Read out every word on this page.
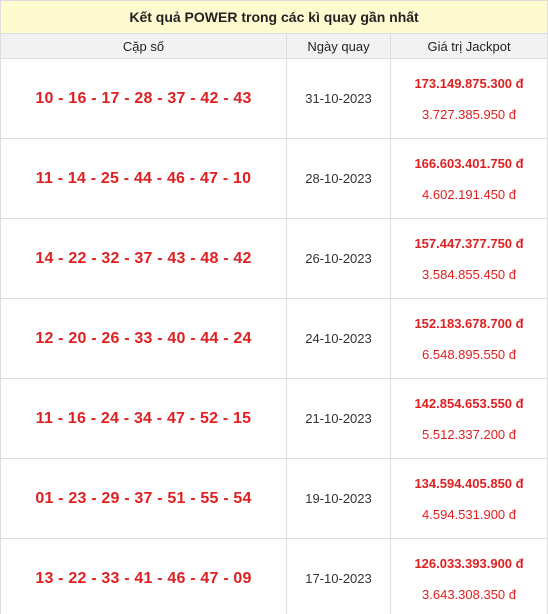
Kết quả POWER trong các kì quay gần nhất		
Cặp số	Ngày quay	Giá trị Jackpot
10 - 16 - 17 - 28 - 37 - 42 - 43	31-10-2023	173.149.875.300 đ
3.727.385.950 đ

11 - 14 - 25 - 44 - 46 - 47 - 10	28-10-2023	166.603.401.750 đ
4.602.191.450 đ

14 - 22 - 32 - 37 - 43 - 48 - 42	26-10-2023	157.447.377.750 đ
3.584.855.450 đ

12 - 20 - 26 - 33 - 40 - 44 - 24	24-10-2023	152.183.678.700 đ
6.548.895.550 đ

11 - 16 - 24 - 34 - 47 - 52 - 15	21-10-2023	142.854.653.550 đ
5.512.337.200 đ

01 - 23 - 29 - 37 - 51 - 55 - 54	19-10-2023	134.594.405.850 đ
4.594.531.900 đ

13 - 22 - 33 - 41 - 46 - 47 - 09	17-10-2023	126.033.393.900 đ
3.643.308.350 đ
